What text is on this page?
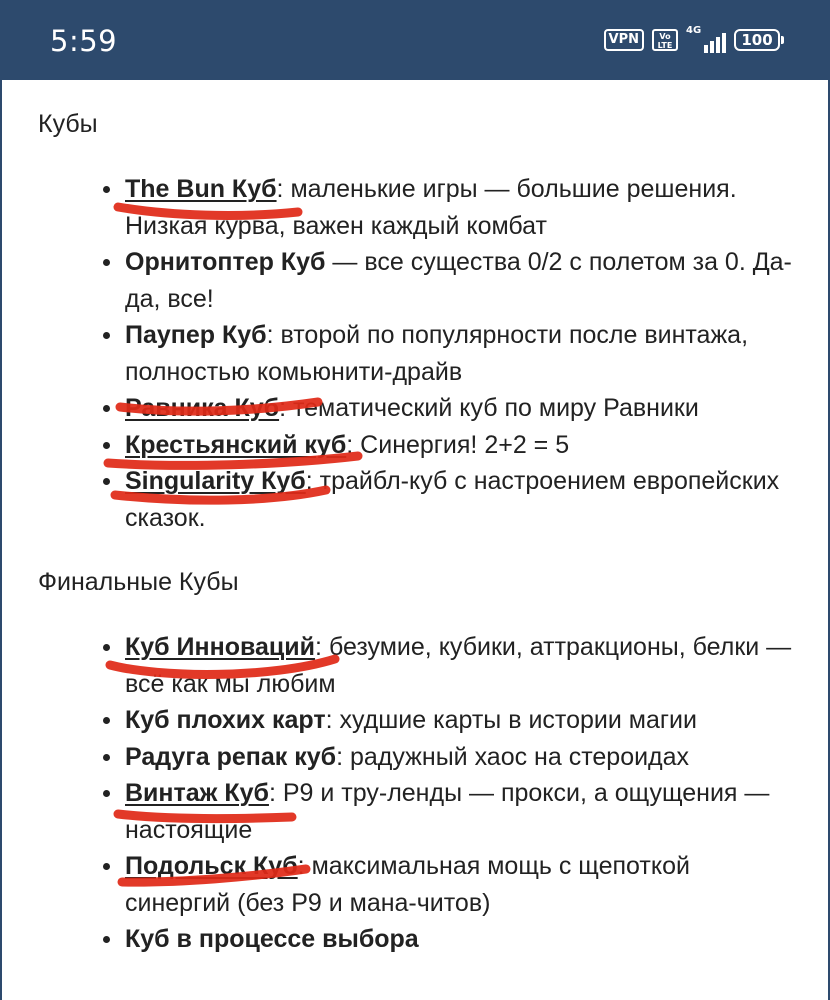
5:59	VPN	Vo
LTE
4G
100
Кубы
The Bun Куб: маленькие игры — большие решения. Низкая курва, важен каждый комбат
Орнитоптер Куб — все существа 0/2 с полетом за 0. Да-да, все!
Паупер Куб: второй по популярности после винтажа, полностью комьюнити-драйв
Равника Куб: тематический куб по миру Равники
Крестьянский куб: Синергия! 2+2 = 5
Singularity Куб: трайбл-куб с настроением европейских сказок.
Финальные Кубы
Куб Инноваций: безумие, кубики, аттракционы, белки — всё как мы любим
Куб плохих карт: худшие карты в истории магии
Радуга репак куб: радужный хаос на стероидах
Винтаж Куб: P9 и тру-ленды — прокси, а ощущения — настоящие
Подольск Куб: максимальная мощь с щепоткой синергий (без P9 и мана-читов)
Куб в процессе выбора
